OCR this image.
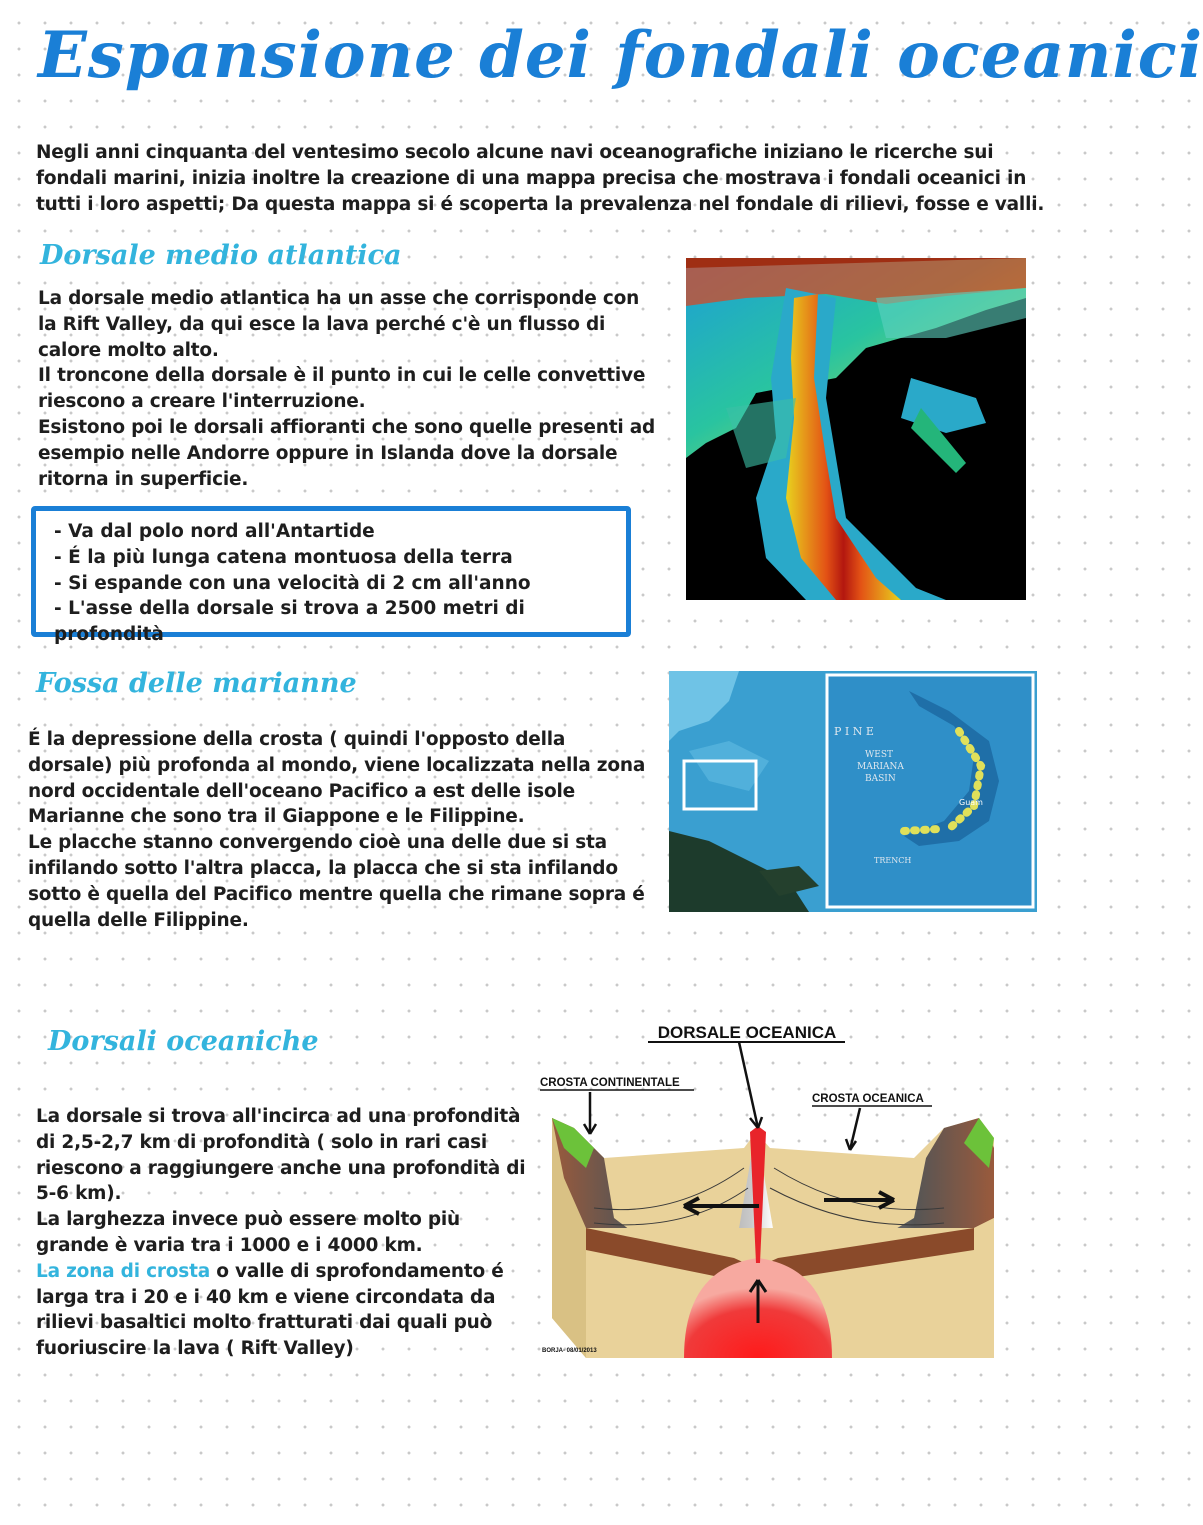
Espansione dei fondali oceanici
Negli anni cinquanta del ventesimo secolo alcune navi oceanografiche iniziano le ricerche sui fondali marini, inizia inoltre la creazione di una mappa precisa che mostrava i fondali oceanici in tutti i loro aspetti; Da questa mappa si é scoperta la prevalenza nel fondale di rilievi, fosse e valli.
Dorsale medio atlantica
La dorsale medio atlantica ha un asse che corrisponde con la Rift Valley, da qui esce la lava perché c'è un flusso di calore molto alto.
Il troncone della dorsale è il punto in cui le celle convettive riescono a creare l'interruzione.
Esistono poi le dorsali affioranti che sono quelle presenti ad esempio nelle Andorre oppure in Islanda dove la dorsale ritorna in superficie.
- Va dal polo nord all'Antartide
- É la più lunga catena montuosa della terra
- Si espande con una velocità di 2 cm all'anno
- L'asse della dorsale si trova a 2500 metri di profondità
Fossa delle marianne
É la depressione della crosta ( quindi l'opposto della dorsale) più profonda al mondo, viene localizzata nella zona nord occidentale dell'oceano Pacifico a est delle isole Marianne che sono tra il Giappone e le Filippine.
Le placche stanno convergendo cioè una delle due si sta infilando sotto l'altra placca, la placca che si sta infilando sotto è quella del Pacifico mentre quella che rimane sopra é quella delle Filippine.
P I N E
WEST
MARIANA
BASIN
TRENCH
Guam
Dorsali oceaniche
La dorsale si trova all'incirca ad una profondità di 2,5-2,7 km di profondità ( solo in rari casi riescono a raggiungere anche una profondità di 5-6 km).
La larghezza invece può essere molto più grande è varia tra i 1000 e i 4000 km.
La zona di crosta o valle di sprofondamento é larga tra i 20 e i 40 km e viene circondata da rilievi basaltici molto fratturati dai quali può fuoriuscire la lava ( Rift Valley)
DORSALE OCEANICA
CROSTA CONTINENTALE
CROSTA OCEANICA
BORJA- 08/01/2013
